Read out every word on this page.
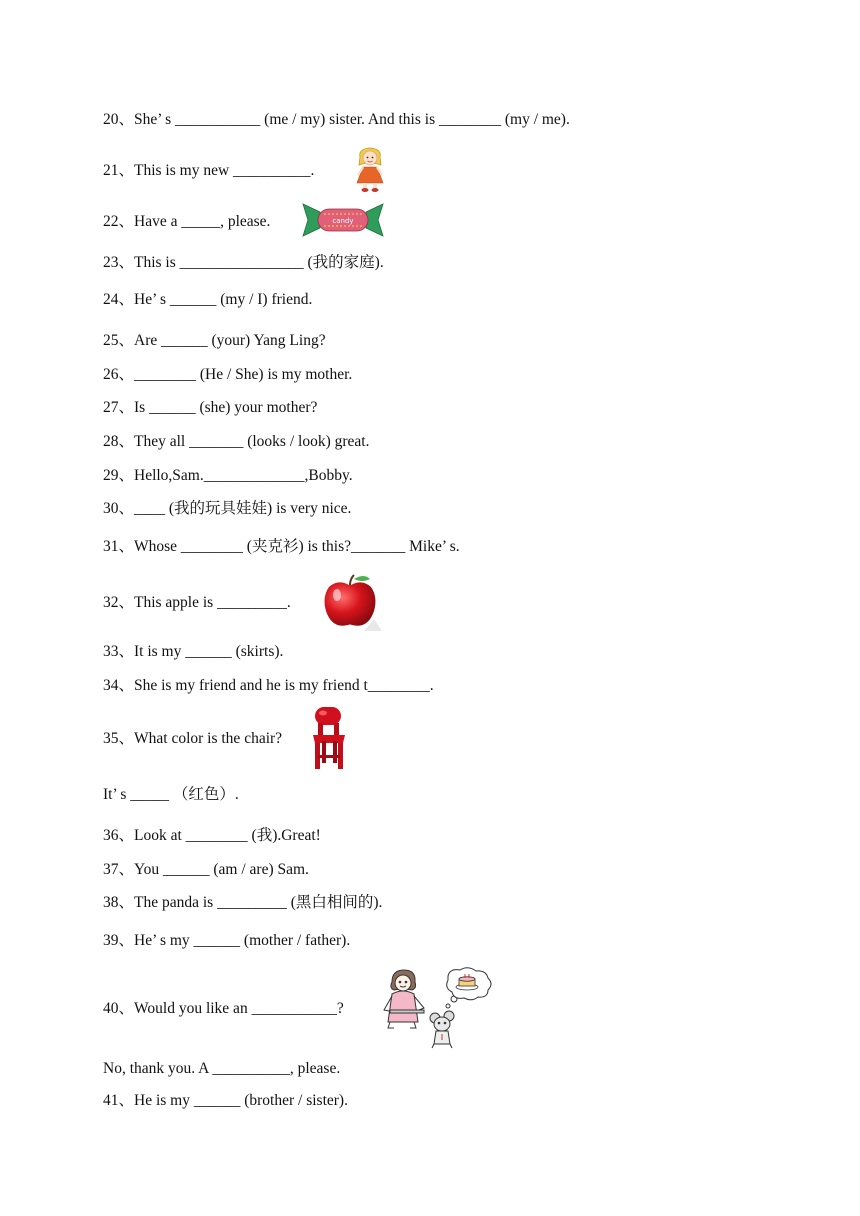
20、She’ s ___________ (me / my) sister. And this is ________ (my / me).
21、This is my new __________.
22、Have a _____, please.
23、This is ________________ (我的家庭).
24、He’ s ______ (my / I) friend.
25、Are ______ (your) Yang Ling?
26、________ (He / She) is my mother.
27、Is ______ (she) your mother?
28、They all _______ (looks / look) great.
29、Hello,Sam._____________,Bobby.
30、____ (我的玩具娃娃) is very nice.
31、Whose ________ (夹克衫) is this?_______ Mike’ s.
32、This apple is _________.
33、It is my ______ (skirts).
34、She is my friend and he is my friend t________.
35、What color is the chair?
It’ s _____ （红色）.
36、Look at ________ (我).Great!
37、You ______ (am / are) Sam.
38、The panda is _________ (黑白相间的).
39、He’ s my ______ (mother / father).
40、Would you like an ___________?
No, thank you. A __________, please.
41、He is my ______ (brother / sister).
candy
